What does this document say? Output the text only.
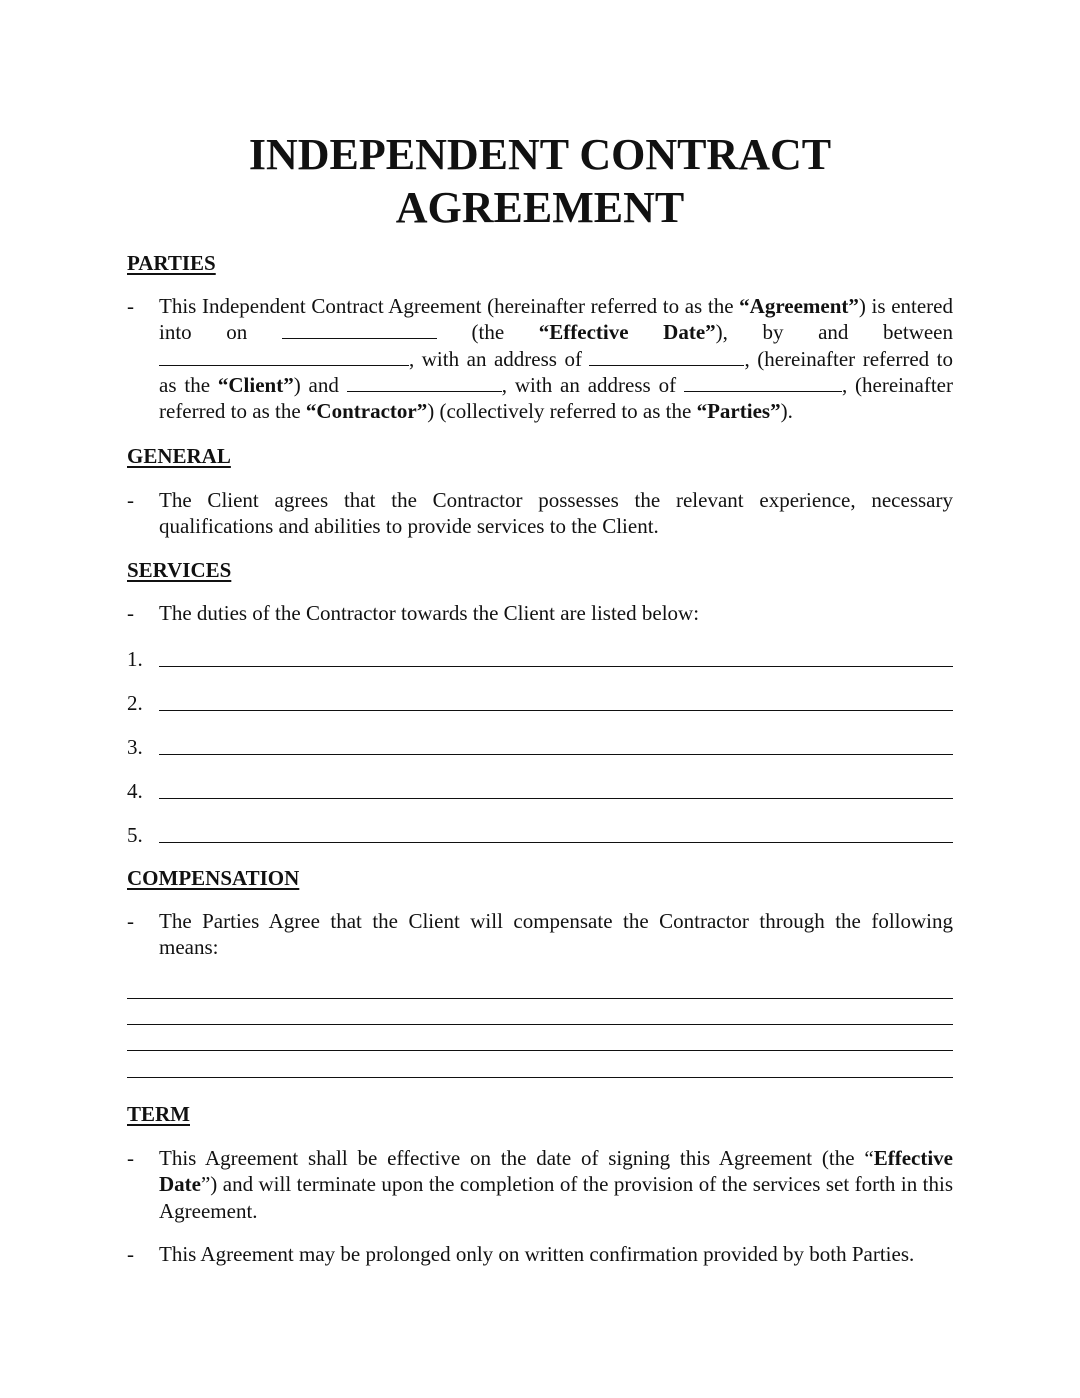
INDEPENDENT CONTRACT
AGREEMENT
PARTIES
- This Independent Contract Agreement (hereinafter referred to as the “Agreement”) is entered into on	(the “Effective Date”), by and between , with an address of	, (hereinafter referred to as the “Client”) and	, with an address of	, (hereinafter referred to as the “Contractor”) (collectively referred to as the “Parties”).
GENERAL
- The Client agrees that the Contractor possesses the relevant experience, necessary qualifications and abilities to provide services to the Client.
SERVICES
- The duties of the Contractor towards the Client are listed below:
1.
2.
3.
4.
5.
COMPENSATION
- The Parties Agree that the Client will compensate the Contractor through the following means:
TERM
- This Agreement shall be effective on the date of signing this Agreement (the “Effective Date”) and will terminate upon the completion of the provision of the services set forth in this Agreement.
- This Agreement may be prolonged only on written confirmation provided by both Parties.
